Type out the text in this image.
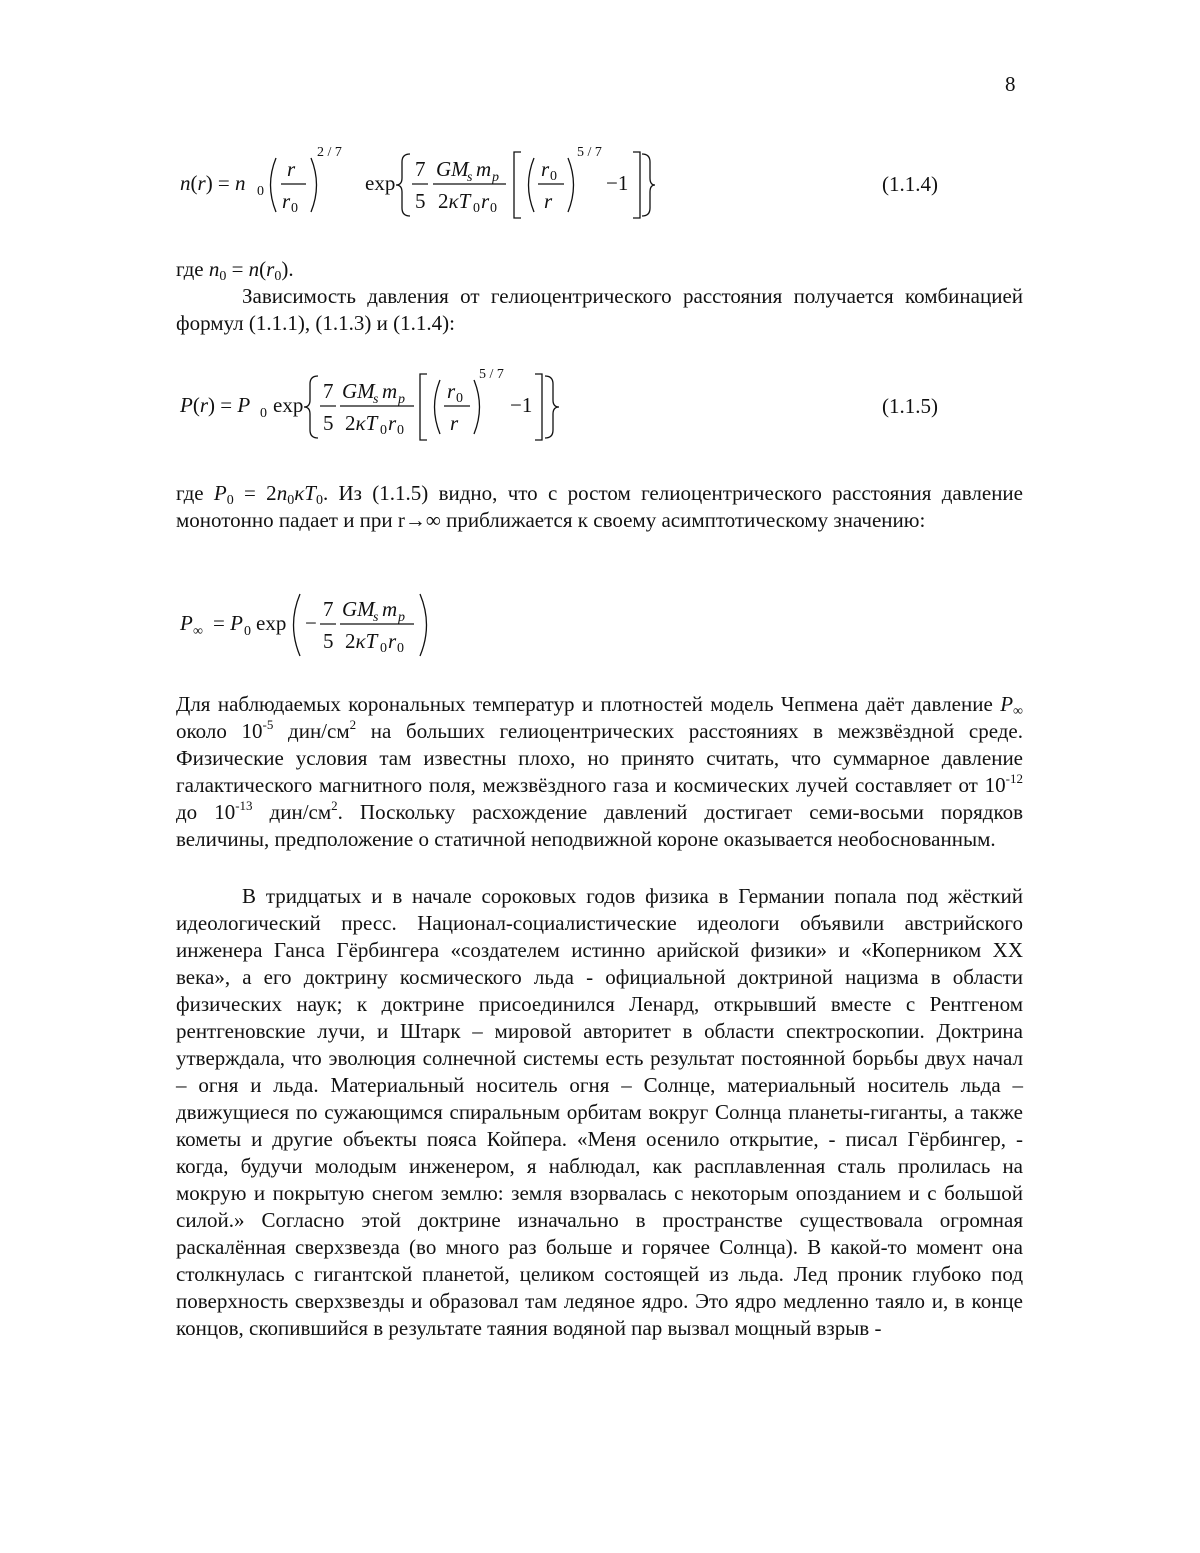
8
n(r) = n 0
r
r 0
2 / 7
exp
7
5
GM
s m p
2κT 0 r 0
r 0
r
5 / 7
−1	(1.1.4)

где $n_0 = n(r_0)$.

Зависимость давления от гелиоцентрического расстояния получается комбинацией формул (1.1.1), (1.1.3) и (1.1.4):

P(r) = P 0 exp
7
5
GM
s m p
2κT 0 r 0
r 0
r
5 / 7
−1	(1.1.5)

где $P_0 = 2n_0\kappa T_0$. Из (1.1.5) видно, что с ростом гелиоцентрического расстояния давление монотонно падает и при r→∞ приближается к своему асимптотическому значению:

P ∞ = P 0 exp −
7
5
GM
s m p
2κT 0 r 0

Для наблюдаемых корональных температур и плотностей модель Чепмена даёт давление $P_\infty$ около $10^{-5}$ дин/$см^2$ на больших гелиоцентрических расстояниях в межзвёздной среде. Физические условия там известны плохо, но принято считать, что суммарное давление галактического магнитного поля, межзвёздного газа и космических лучей составляет от $10^{-12}$ до $10^{-13}$ дин/$см^2$. Поскольку расхождение давлений достигает семи-восьми порядков величины, предположение о статичной неподвижной короне оказывается необоснованным.

В тридцатых и в начале сороковых годов физика в Германии попала под жёсткий идеологический пресс. Национал-социалистические идеологи объявили австрийского инженера Ганса Гёрбингера «создателем истинно арийской физики» и «Коперником XX века», а его доктрину космического льда - официальной доктриной нацизма в области физических наук; к доктрине присоединился Ленард, открывший вместе с Рентгеном рентгеновские лучи, и Штарк – мировой авторитет в области спектроскопии. Доктрина утверждала, что эволюция солнечной системы есть результат постоянной борьбы двух начал – огня и льда. Материальный носитель огня – Солнце, материальный носитель льда – движущиеся по сужающимся спиральным орбитам вокруг Солнца планеты-гиганты, а также кометы и другие объекты пояса Койпера. «Меня осенило открытие, - писал Гёрбингер, - когда, будучи молодым инженером, я наблюдал, как расплавленная сталь пролилась на мокрую и покрытую снегом землю: земля взорвалась с некоторым опозданием и с большой силой.» Согласно этой доктрине изначально в пространстве существовала огромная раскалённая сверхзвезда (во много раз больше и горячее Солнца). В какой-то момент она столкнулась с гигантской планетой, целиком состоящей из льда. Лед проник глубоко под поверхность сверхзвезды и образовал там ледяное ядро. Это ядро медленно таяло и, в конце концов, скопившийся в результате таяния водяной пар вызвал мощный взрыв -
